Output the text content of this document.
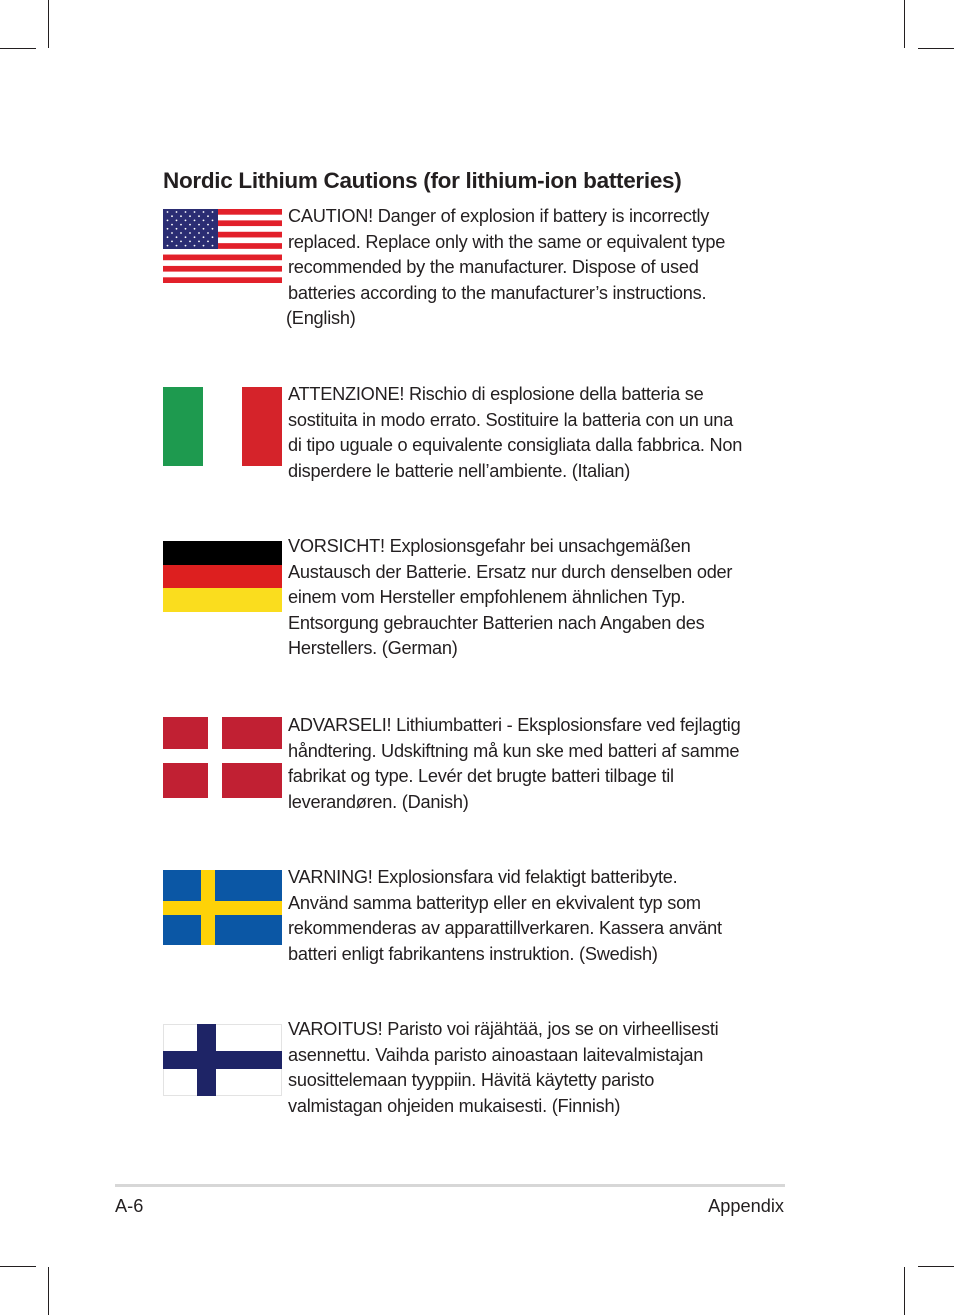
Nordic Lithium Cautions (for lithium-ion batteries)

CAUTION! Danger of explosion if battery is incorrectly

replaced. Replace only with the same or equivalent type

recommended by the manufacturer. Dispose of used

batteries according to the manufacturer’s instructions.

(English)

ATTENZIONE! Rischio di esplosione della batteria se

sostituita in modo errato. Sostituire la batteria con un una

di tipo uguale o equivalente consigliata dalla fabbrica. Non

disperdere le batterie nell’ambiente. (Italian)

VORSICHT! Explosionsgefahr bei unsachgemäßen

Austausch der Batterie. Ersatz nur durch denselben oder

einem vom Hersteller empfohlenem ähnlichen Typ.

Entsorgung gebrauchter Batterien nach Angaben des

Herstellers. (German)

ADVARSELI! Lithiumbatteri - Eksplosionsfare ved fejlagtig

håndtering. Udskiftning må kun ske med batteri af samme

fabrikat og type. Levér det brugte batteri tilbage til

leverandøren. (Danish)

VARNING! Explosionsfara vid felaktigt batteribyte.

Använd samma batterityp eller en ekvivalent typ som

rekommenderas av apparattillverkaren. Kassera använt

batteri enligt fabrikantens instruktion. (Swedish)

VAROITUS! Paristo voi räjähtää, jos se on virheellisesti

asennettu. Vaihda paristo ainoastaan laitevalmistajan

suosittelemaan tyyppiin. Hävitä käytetty paristo

valmistagan ohjeiden mukaisesti. (Finnish)

A-6	Appendix
